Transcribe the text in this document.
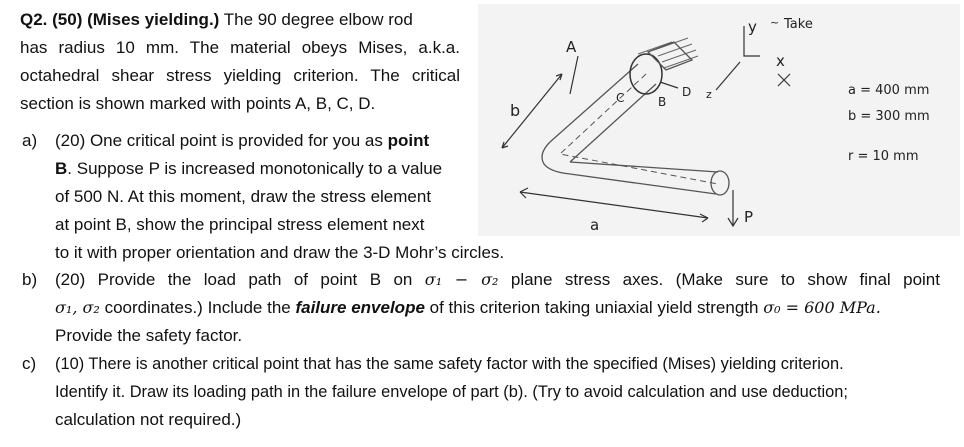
Q2. (50) (Mises yielding.) The 90 degree elbow rod
has radius 10 mm. The material obeys Mises, a.k.a.
octahedral shear stress yielding criterion. The critical
section is shown marked with points A, B, C, D.
a) (20) One critical point is provided for you as point
B. Suppose P is increased monotonically to a value
of 500 N. At this moment, draw the stress element
at point B, show the principal stress element next
to it with proper orientation and draw the 3-D Mohr’s circles.
b) (20) Provide the load path of point B on σ₁ − σ₂ plane stress axes. (Make sure to show final point
σ₁, σ₂ coordinates.) Include the failure envelope of this criterion taking uniaxial yield strength σ₀ = 600 MPa.
Provide the safety factor.
c) (10) There is another critical point that has the same safety factor with the specified (Mises) yielding criterion.
Identify it. Draw its loading path in the failure envelope of part (b). (Try to avoid calculation and use deduction;
calculation not required.)
A
B
C	D
y
z
x
b
a	P
~ Take
a = 400 mm
b = 300 mm
r = 10 mm
